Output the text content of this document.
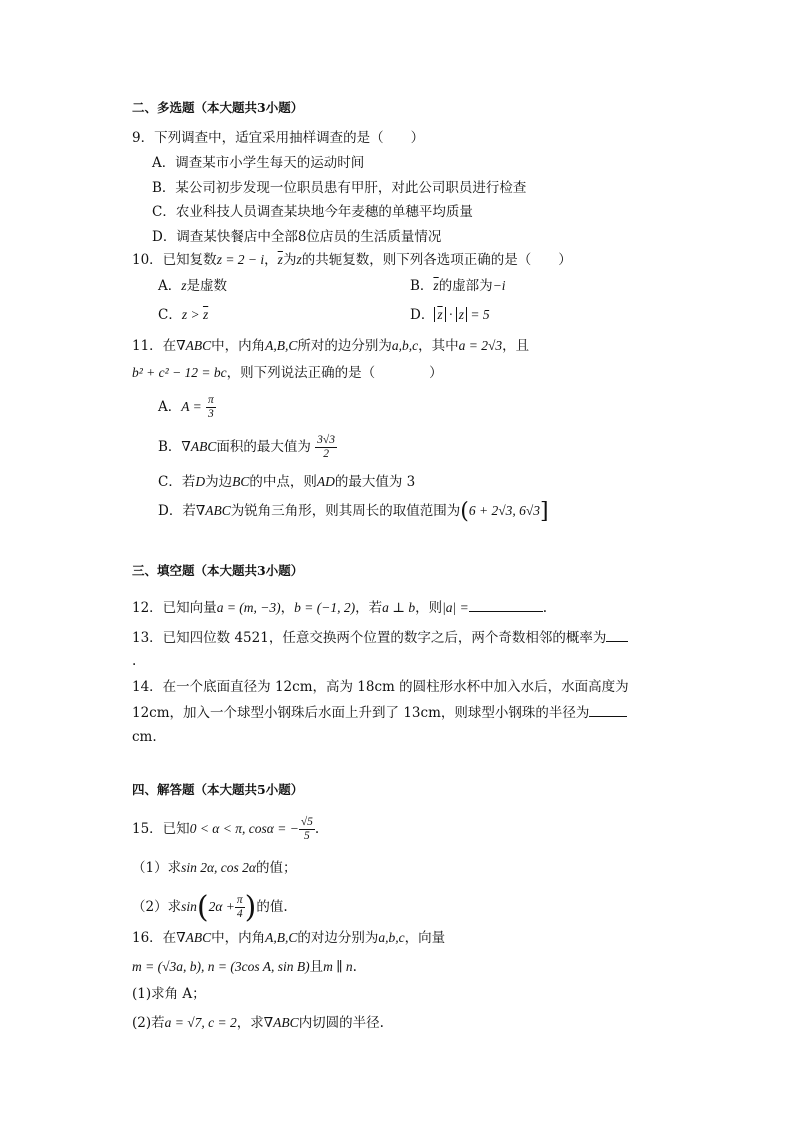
二、多选题（本大题共3小题）
9．下列调查中，适宜采用抽样调查的是（　　）
A．调查某市小学生每天的运动时间
B．某公司初步发现一位职员患有甲肝，对此公司职员进行检查
C．农业科技人员调查某块地今年麦穗的单穗平均质量
D．调查某快餐店中全部8位店员的生活质量情况
10．已知复数z = 2 − i，$\overline{z}$为z的共轭复数，则下列各选项正确的是（　　）
A．z是虚数	B．$\overline{z}$的虚部为−i
C．$z > \overline{z}$	D． $\overline{z} \cdot z = 5$
11．在∇ABC中，内角A,B,C所对的边分别为a,b,c，其中a = 2√3，且
b² + c² − 12 = bc，则下列说法正确的是（　　　　）
A．$A = \frac{\pi}{3}$
B．∇ABC面积的最大值为 $\frac{3√3}{2}$
C．若D为边BC的中点，则AD的最大值为 3
D．若∇ABC为锐角三角形，则其周长的取值范围为(6 + 2√3, 6√3]
三、填空题（本大题共3小题）
12．已知向量a = (m, −3)，b = (−1, 2)，若a ⊥ b，则|a| =	.
13．已知四位数 4521，任意交换两个位置的数字之后，两个奇数相邻的概率为
.
14．在一个底面直径为 12cm，高为 18cm 的圆柱形水杯中加入水后，水面高度为
12cm，加入一个球型小钢珠后水面上升到了 13cm，则球型小钢珠的半径为
cm.
四、解答题（本大题共5小题）
15．已知0 < α < π, cosα = − $\frac{√5}{5}$ .
（1）求sin 2α, cos 2α的值；
（2）求$\sin(2\alpha + \frac{\pi}{4}$ )的值.
16．在∇ABC中，内角A,B,C的对边分别为a,b,c，向量
m = (√3a, b), n = (3cos A, sin B)且m ∥ n.
(1)求角 A；
(2)若a = √7, c = 2，求∇ABC内切圆的半径.
